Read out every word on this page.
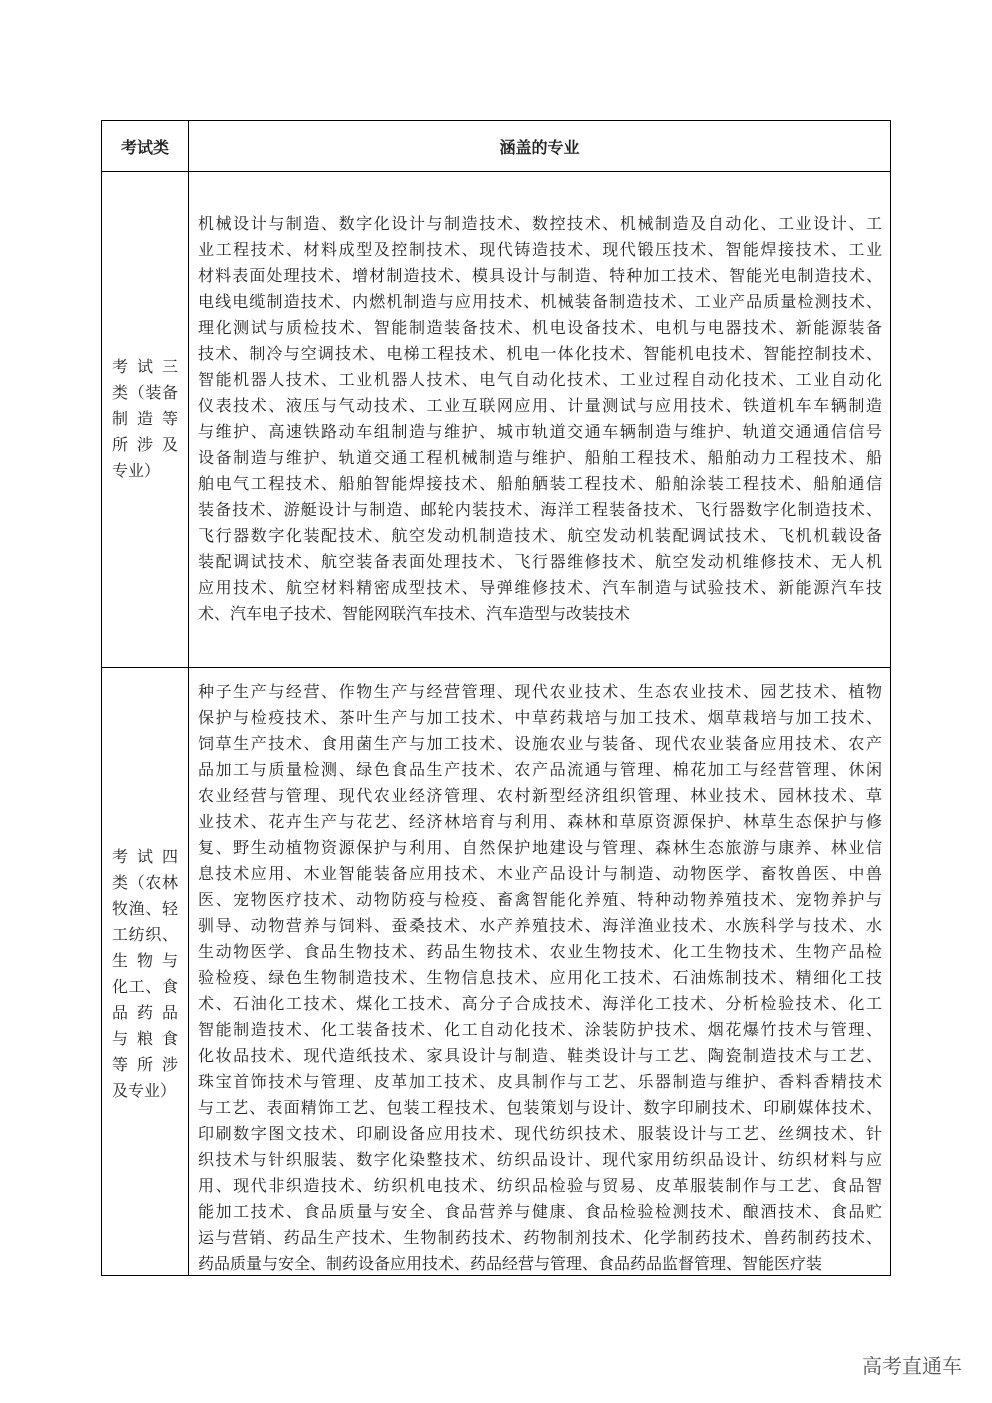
考试类	涵盖的专业
考 试 三
类（装备
制 造 等
所 涉 及
专业）
机械设计与制造、数字化设计与制造技术、数控技术、机械制造及自动化、工业设计、工
业工程技术、材料成型及控制技术、现代铸造技术、现代锻压技术、智能焊接技术、工业
材料表面处理技术、增材制造技术、模具设计与制造、特种加工技术、智能光电制造技术、
电线电缆制造技术、内燃机制造与应用技术、机械装备制造技术、工业产品质量检测技术、
理化测试与质检技术、智能制造装备技术、机电设备技术、电机与电器技术、新能源装备
技术、制冷与空调技术、电梯工程技术、机电一体化技术、智能机电技术、智能控制技术、
智能机器人技术、工业机器人技术、电气自动化技术、工业过程自动化技术、工业自动化
仪表技术、液压与气动技术、工业互联网应用、计量测试与应用技术、铁道机车车辆制造
与维护、高速铁路动车组制造与维护、城市轨道交通车辆制造与维护、轨道交通通信信号
设备制造与维护、轨道交通工程机械制造与维护、船舶工程技术、船舶动力工程技术、船
舶电气工程技术、船舶智能焊接技术、船舶舾装工程技术、船舶涂装工程技术、船舶通信
装备技术、游艇设计与制造、邮轮内装技术、海洋工程装备技术、飞行器数字化制造技术、
飞行器数字化装配技术、航空发动机制造技术、航空发动机装配调试技术、飞机机载设备
装配调试技术、航空装备表面处理技术、飞行器维修技术、航空发动机维修技术、无人机
应用技术、航空材料精密成型技术、导弹维修技术、汽车制造与试验技术、新能源汽车技
术、汽车电子技术、智能网联汽车技术、汽车造型与改装技术
考 试 四
类（农林
牧渔、轻
工纺织、
生 物 与
化工、食
品 药 品
与 粮 食
等 所 涉
及专业）
种子生产与经营、作物生产与经营管理、现代农业技术、生态农业技术、园艺技术、植物
保护与检疫技术、茶叶生产与加工技术、中草药栽培与加工技术、烟草栽培与加工技术、
饲草生产技术、食用菌生产与加工技术、设施农业与装备、现代农业装备应用技术、农产
品加工与质量检测、绿色食品生产技术、农产品流通与管理、棉花加工与经营管理、休闲
农业经营与管理、现代农业经济管理、农村新型经济组织管理、林业技术、园林技术、草
业技术、花卉生产与花艺、经济林培育与利用、森林和草原资源保护、林草生态保护与修
复、野生动植物资源保护与利用、自然保护地建设与管理、森林生态旅游与康养、林业信
息技术应用、木业智能装备应用技术、木业产品设计与制造、动物医学、畜牧兽医、中兽
医、宠物医疗技术、动物防疫与检疫、畜禽智能化养殖、特种动物养殖技术、宠物养护与
驯导、动物营养与饲料、蚕桑技术、水产养殖技术、海洋渔业技术、水族科学与技术、水
生动物医学、食品生物技术、药品生物技术、农业生物技术、化工生物技术、生物产品检
验检疫、绿色生物制造技术、生物信息技术、应用化工技术、石油炼制技术、精细化工技
术、石油化工技术、煤化工技术、高分子合成技术、海洋化工技术、分析检验技术、化工
智能制造技术、化工装备技术、化工自动化技术、涂装防护技术、烟花爆竹技术与管理、
化妆品技术、现代造纸技术、家具设计与制造、鞋类设计与工艺、陶瓷制造技术与工艺、
珠宝首饰技术与管理、皮革加工技术、皮具制作与工艺、乐器制造与维护、香料香精技术
与工艺、表面精饰工艺、包装工程技术、包装策划与设计、数字印刷技术、印刷媒体技术、
印刷数字图文技术、印刷设备应用技术、现代纺织技术、服装设计与工艺、丝绸技术、针
织技术与针织服装、数字化染整技术、纺织品设计、现代家用纺织品设计、纺织材料与应
用、现代非织造技术、纺织机电技术、纺织品检验与贸易、皮革服装制作与工艺、食品智
能加工技术、食品质量与安全、食品营养与健康、食品检验检测技术、酿酒技术、食品贮
运与营销、药品生产技术、生物制药技术、药物制剂技术、化学制药技术、兽药制药技术、
药品质量与安全、制药设备应用技术、药品经营与管理、食品药品监督管理、智能医疗装
高考直通车
